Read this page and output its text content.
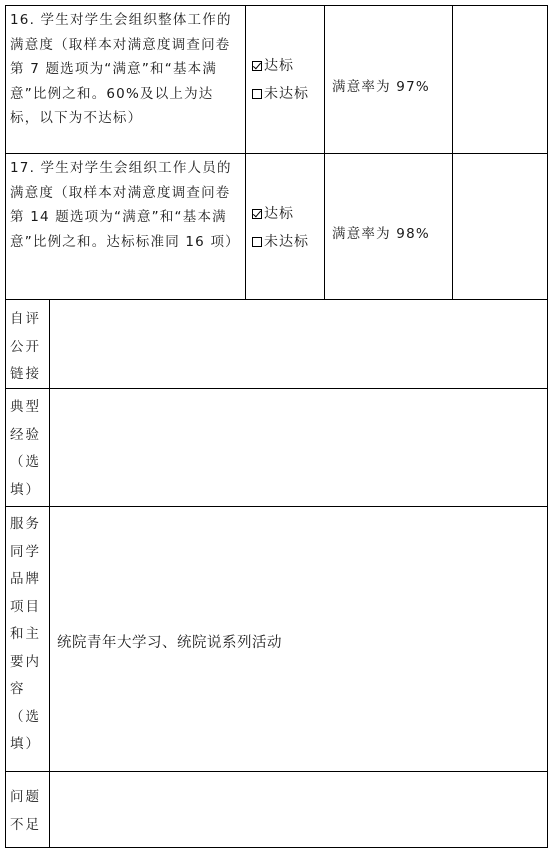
16. 学生对学生会组织整体工作的满意度（取样本对满意度调查问卷第 7 题选项为“满意”和“基本满意”比例之和。60%及以上为达标，以下为不达标）
达标
未达标	满意率为 97%
17. 学生对学生会组织工作人员的满意度（取样本对满意度调查问卷第 14 题选项为“满意”和“基本满意”比例之和。达标标准同 16 项）
达标
未达标	满意率为 98%
自评公开链接
典型经验（选填）
服务同学品牌项目和主要内容（选填）
统院青年大学习、统院说系列活动
问题不足
